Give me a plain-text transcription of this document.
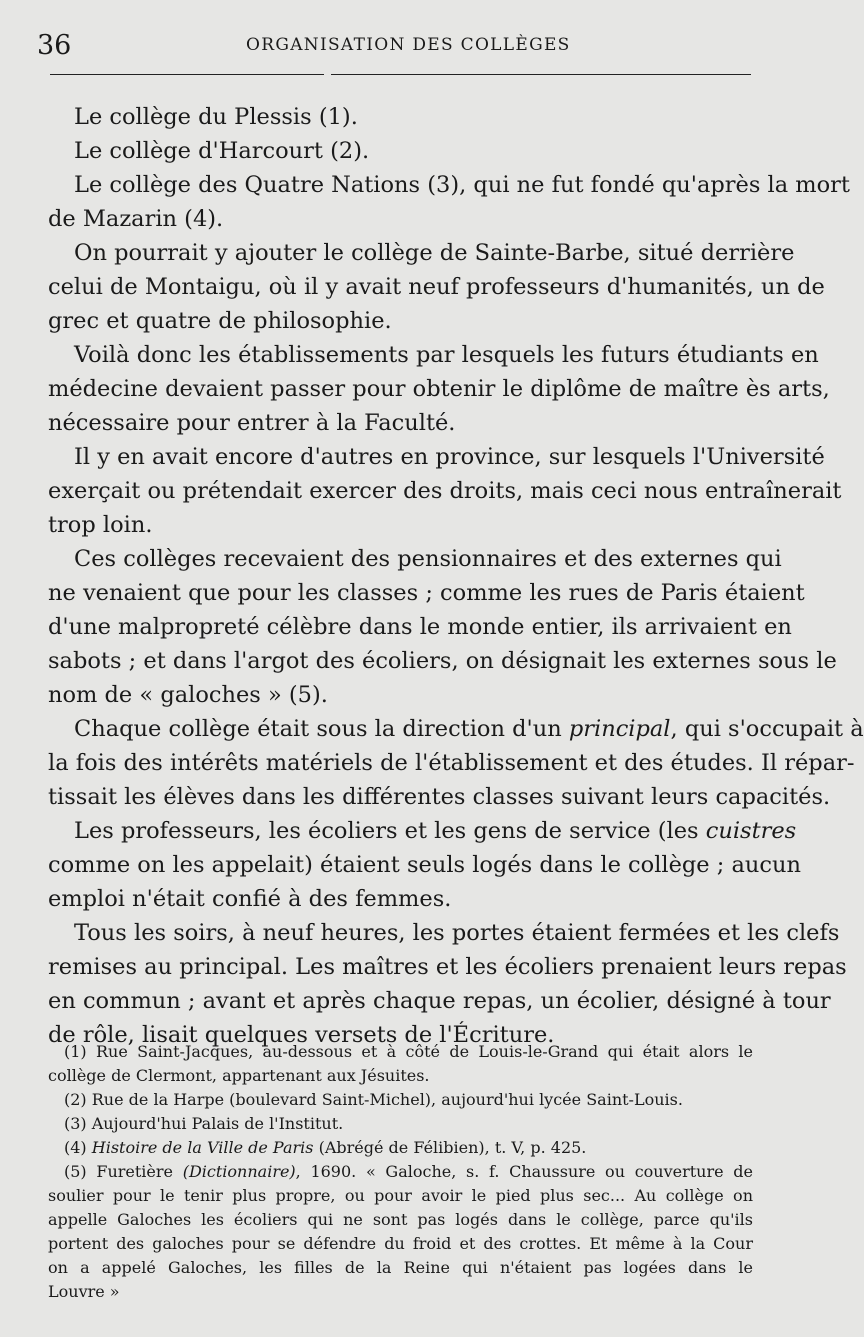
36	ORGANISATION DES COLLÈGES
Le collège du Plessis (1).
Le collège d'Harcourt (2).
Le collège des Quatre Nations (3), qui ne fut fondé qu'après la mort
de Mazarin (4).
On pourrait y ajouter le collège de Sainte-Barbe, situé derrière
celui de Montaigu, où il y avait neuf professeurs d'humanités, un de
grec et quatre de philosophie.
Voilà donc les établissements par lesquels les futurs étudiants en
médecine devaient passer pour obtenir le diplôme de maître ès arts,
nécessaire pour entrer à la Faculté.
Il y en avait encore d'autres en province, sur lesquels l'Université
exerçait ou prétendait exercer des droits, mais ceci nous entraînerait
trop loin.
Ces collèges recevaient des pensionnaires et des externes qui
ne venaient que pour les classes ; comme les rues de Paris étaient
d'une malpropreté célèbre dans le monde entier, ils arrivaient en
sabots ; et dans l'argot des écoliers, on désignait les externes sous le
nom de « galoches » (5).
Chaque collège était sous la direction d'un principal, qui s'occupait à
la fois des intérêts matériels de l'établissement et des études. Il répar-
tissait les élèves dans les différentes classes suivant leurs capacités.
Les professeurs, les écoliers et les gens de service (les cuistres
comme on les appelait) étaient seuls logés dans le collège ; aucun
emploi n'était confié à des femmes.
Tous les soirs, à neuf heures, les portes étaient fermées et les clefs
remises au principal. Les maîtres et les écoliers prenaient leurs repas
en commun ; avant et après chaque repas, un écolier, désigné à tour
de rôle, lisait quelques versets de l'Écriture.
(1) Rue Saint-Jacques, au-dessous et à côté de Louis-le-Grand qui était alors le
collège de Clermont, appartenant aux Jésuites.
(2) Rue de la Harpe (boulevard Saint-Michel), aujourd'hui lycée Saint-Louis.
(3) Aujourd'hui Palais de l'Institut.
(4) Histoire de la Ville de Paris (Abrégé de Félibien), t. V, p. 425.
(5) Furetière (Dictionnaire), 1690. « Galoche, s. f. Chaussure ou couverture de
soulier pour le tenir plus propre, ou pour avoir le pied plus sec... Au collège on
appelle Galoches les écoliers qui ne sont pas logés dans le collège, parce qu'ils
portent des galoches pour se défendre du froid et des crottes. Et même à la Cour
on a appelé Galoches, les filles de la Reine qui n'étaient pas logées dans le
Louvre »
